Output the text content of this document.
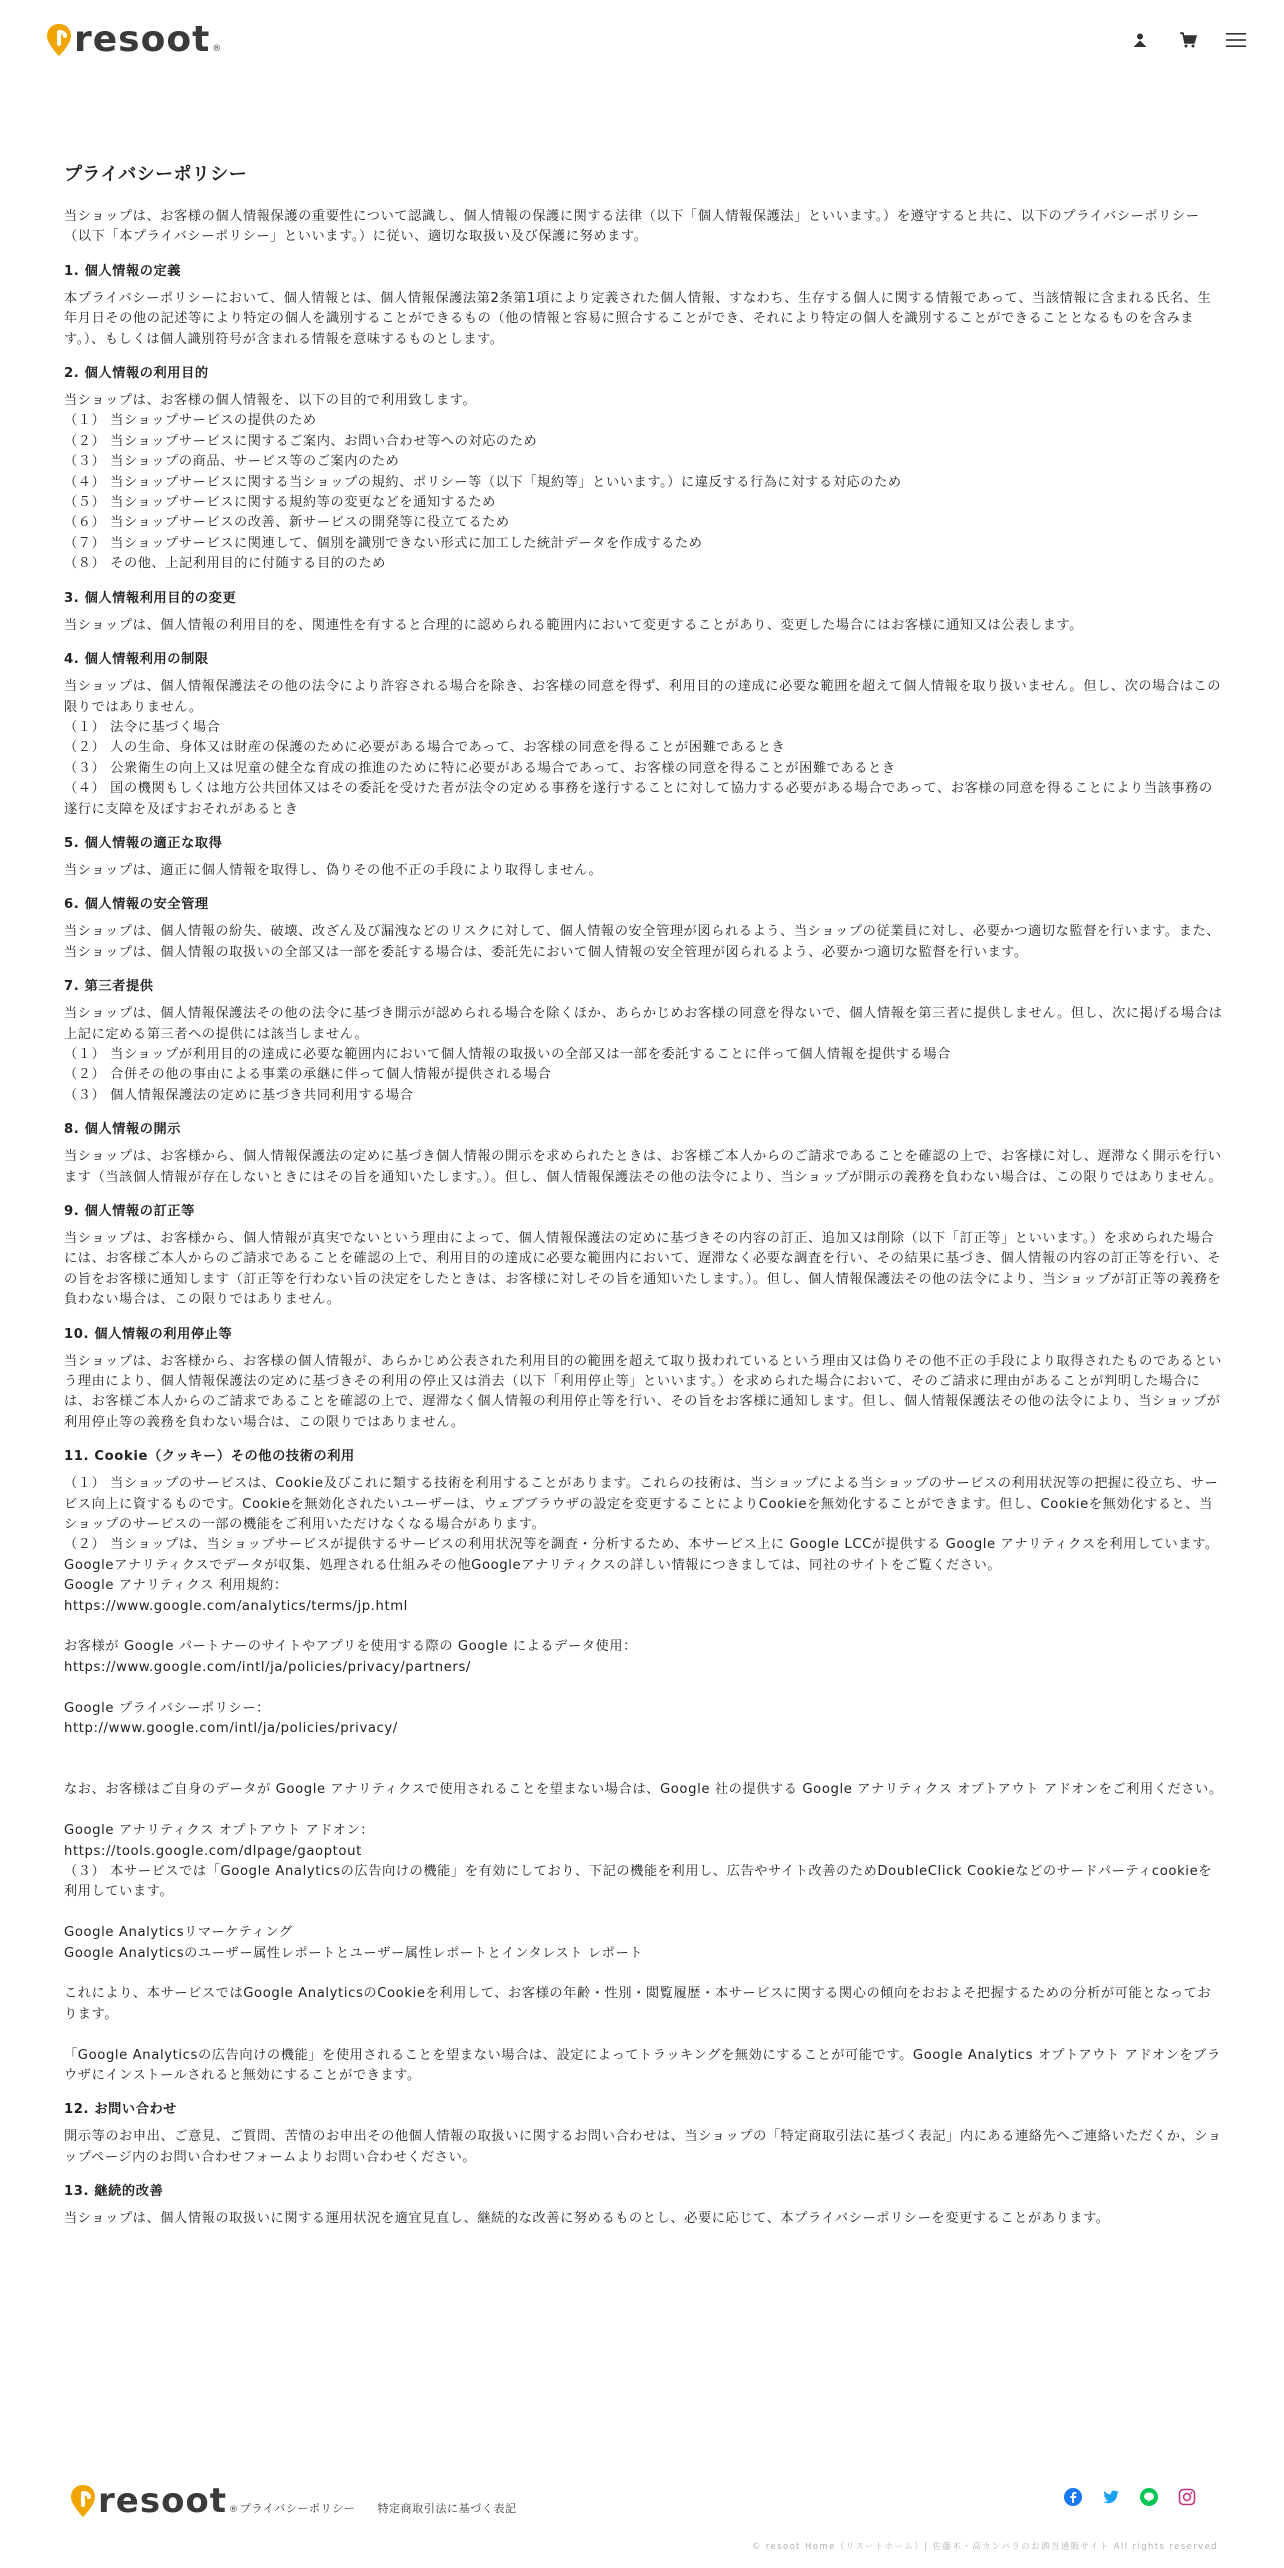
resoot ®
プライバシーポリシー

当ショップは、お客様の個人情報保護の重要性について認識し、個人情報の保護に関する法律（以下「個人情報保護法」といいます。）を遵守すると共に、以下のプライバシーポリシー（以下「本プライバシーポリシー」といいます。）に従い、適切な取扱い及び保護に努めます。

1. 個人情報の定義

本プライバシーポリシーにおいて、個人情報とは、個人情報保護法第2条第1項により定義された個人情報、すなわち、生存する個人に関する情報であって、当該情報に含まれる氏名、生年月日その他の記述等により特定の個人を識別することができるもの（他の情報と容易に照合することができ、それにより特定の個人を識別することができることとなるものを含みます。）、もしくは個人識別符号が含まれる情報を意味するものとします。

2. 個人情報の利用目的

当ショップは、お客様の個人情報を、以下の目的で利用致します。

（１） 当ショップサービスの提供のため
（２） 当ショップサービスに関するご案内、お問い合わせ等への対応のため
（３） 当ショップの商品、サービス等のご案内のため
（４） 当ショップサービスに関する当ショップの規約、ポリシー等（以下「規約等」といいます。）に違反する行為に対する対応のため
（５） 当ショップサービスに関する規約等の変更などを通知するため
（６） 当ショップサービスの改善、新サービスの開発等に役立てるため
（７） 当ショップサービスに関連して、個別を識別できない形式に加工した統計データを作成するため
（８） その他、上記利用目的に付随する目的のため
3. 個人情報利用目的の変更

当ショップは、個人情報の利用目的を、関連性を有すると合理的に認められる範囲内において変更することがあり、変更した場合にはお客様に通知又は公表します。

4. 個人情報利用の制限

当ショップは、個人情報保護法その他の法令により許容される場合を除き、お客様の同意を得ず、利用目的の達成に必要な範囲を超えて個人情報を取り扱いません。但し、次の場合はこの限りではありません。

（１） 法令に基づく場合
（２） 人の生命、身体又は財産の保護のために必要がある場合であって、お客様の同意を得ることが困難であるとき
（３） 公衆衛生の向上又は児童の健全な育成の推進のために特に必要がある場合であって、お客様の同意を得ることが困難であるとき
（４） 国の機関もしくは地方公共団体又はその委託を受けた者が法令の定める事務を遂行することに対して協力する必要がある場合であって、お客様の同意を得ることにより当該事務の遂行に支障を及ぼすおそれがあるとき
5. 個人情報の適正な取得

当ショップは、適正に個人情報を取得し、偽りその他不正の手段により取得しません。

6. 個人情報の安全管理

当ショップは、個人情報の紛失、破壊、改ざん及び漏洩などのリスクに対して、個人情報の安全管理が図られるよう、当ショップの従業員に対し、必要かつ適切な監督を行います。また、当ショップは、個人情報の取扱いの全部又は一部を委託する場合は、委託先において個人情報の安全管理が図られるよう、必要かつ適切な監督を行います。

7. 第三者提供

当ショップは、個人情報保護法その他の法令に基づき開示が認められる場合を除くほか、あらかじめお客様の同意を得ないで、個人情報を第三者に提供しません。但し、次に掲げる場合は上記に定める第三者への提供には該当しません。

（１） 当ショップが利用目的の達成に必要な範囲内において個人情報の取扱いの全部又は一部を委託することに伴って個人情報を提供する場合
（２） 合併その他の事由による事業の承継に伴って個人情報が提供される場合
（３） 個人情報保護法の定めに基づき共同利用する場合
8. 個人情報の開示

当ショップは、お客様から、個人情報保護法の定めに基づき個人情報の開示を求められたときは、お客様ご本人からのご請求であることを確認の上で、お客様に対し、遅滞なく開示を行います（当該個人情報が存在しないときにはその旨を通知いたします。）。但し、個人情報保護法その他の法令により、当ショップが開示の義務を負わない場合は、この限りではありません。

9. 個人情報の訂正等

当ショップは、お客様から、個人情報が真実でないという理由によって、個人情報保護法の定めに基づきその内容の訂正、追加又は削除（以下「訂正等」といいます。）を求められた場合には、お客様ご本人からのご請求であることを確認の上で、利用目的の達成に必要な範囲内において、遅滞なく必要な調査を行い、その結果に基づき、個人情報の内容の訂正等を行い、その旨をお客様に通知します（訂正等を行わない旨の決定をしたときは、お客様に対しその旨を通知いたします。）。但し、個人情報保護法その他の法令により、当ショップが訂正等の義務を負わない場合は、この限りではありません。

10. 個人情報の利用停止等

当ショップは、お客様から、お客様の個人情報が、あらかじめ公表された利用目的の範囲を超えて取り扱われているという理由又は偽りその他不正の手段により取得されたものであるという理由により、個人情報保護法の定めに基づきその利用の停止又は消去（以下「利用停止等」といいます。）を求められた場合において、そのご請求に理由があることが判明した場合には、お客様ご本人からのご請求であることを確認の上で、遅滞なく個人情報の利用停止等を行い、その旨をお客様に通知します。但し、個人情報保護法その他の法令により、当ショップが利用停止等の義務を負わない場合は、この限りではありません。

11. Cookie（クッキー）その他の技術の利用

（１） 当ショップのサービスは、Cookie及びこれに類する技術を利用することがあります。これらの技術は、当ショップによる当ショップのサービスの利用状況等の把握に役立ち、サービス向上に資するものです。Cookieを無効化されたいユーザーは、ウェブブラウザの設定を変更することによりCookieを無効化することができます。但し、Cookieを無効化すると、当ショップのサービスの一部の機能をご利用いただけなくなる場合があります。

（２） 当ショップは、当ショップサービスが提供するサービスの利用状況等を調査・分析するため、本サービス上に Google LCCが提供する Google アナリティクスを利用しています。Googleアナリティクスでデータが収集、処理される仕組みその他Googleアナリティクスの詳しい情報につきましては、同社のサイトをご覧ください。

Google アナリティクス 利用規約：

https://www.google.com/analytics/terms/jp.html

お客様が Google パートナーのサイトやアプリを使用する際の Google によるデータ使用：

https://www.google.com/intl/ja/policies/privacy/partners/

Google プライバシーポリシー：

http://www.google.com/intl/ja/policies/privacy/

なお、お客様はご自身のデータが Google アナリティクスで使用されることを望まない場合は、Google 社の提供する Google アナリティクス オプトアウト アドオンをご利用ください。

Google アナリティクス オプトアウト アドオン：

https://tools.google.com/dlpage/gaoptout

（３） 本サービスでは「Google Analyticsの広告向けの機能」を有効にしており、下記の機能を利用し、広告やサイト改善のためDoubleClick Cookieなどのサードパーティcookieを利用しています。

Google Analyticsリマーケティング

Google Analyticsのユーザー属性レポートとユーザー属性レポートとインタレスト レポート

これにより、本サービスではGoogle AnalyticsのCookieを利用して、お客様の年齢・性別・閲覧履歴・本サービスに関する関心の傾向をおおよそ把握するための分析が可能となっております。

「Google Analyticsの広告向けの機能」を使用されることを望まない場合は、設定によってトラッキングを無効にすることが可能です。Google Analytics オプトアウト アドオンをブラウザにインストールされると無効にすることができます。

12. お問い合わせ

開示等のお申出、ご意見、ご質問、苦情のお申出その他個人情報の取扱いに関するお問い合わせは、当ショップの「特定商取引法に基づく表記」内にある連絡先へご連絡いただくか、ショップページ内のお問い合わせフォームよりお問い合わせください。

13. 継続的改善

当ショップは、個人情報の取扱いに関する運用状況を適宜見直し、継続的な改善に努めるものとし、必要に応じて、本プライバシーポリシーを変更することがあります。

resoot ® プライバシーポリシー 特定商取引法に基づく表記
© resoot Home（リスートホーム）| 佐藤木・高カンパラのお酒当通販サイト All rights reserved
